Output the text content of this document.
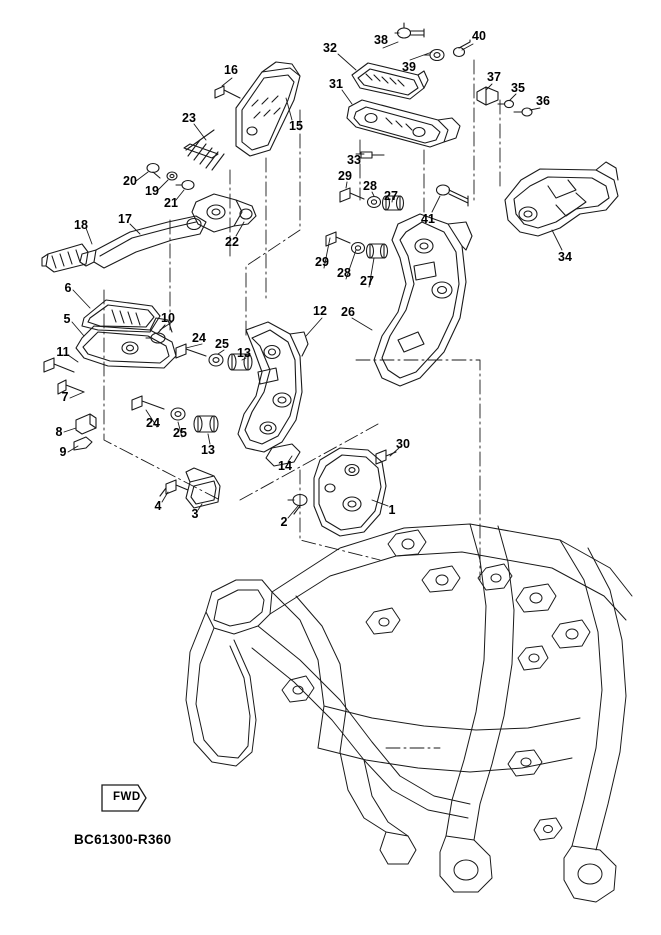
FWD
BC61300-R360
38	40
32
39
37
35
36
16
31
15
23
33
20
19
21
29
28
27
41
18 17
22
34
29
28
27
6
26
10
5
12
24 25
13
11
7
24
25
13
8
9
30
14
4
3
2
1
